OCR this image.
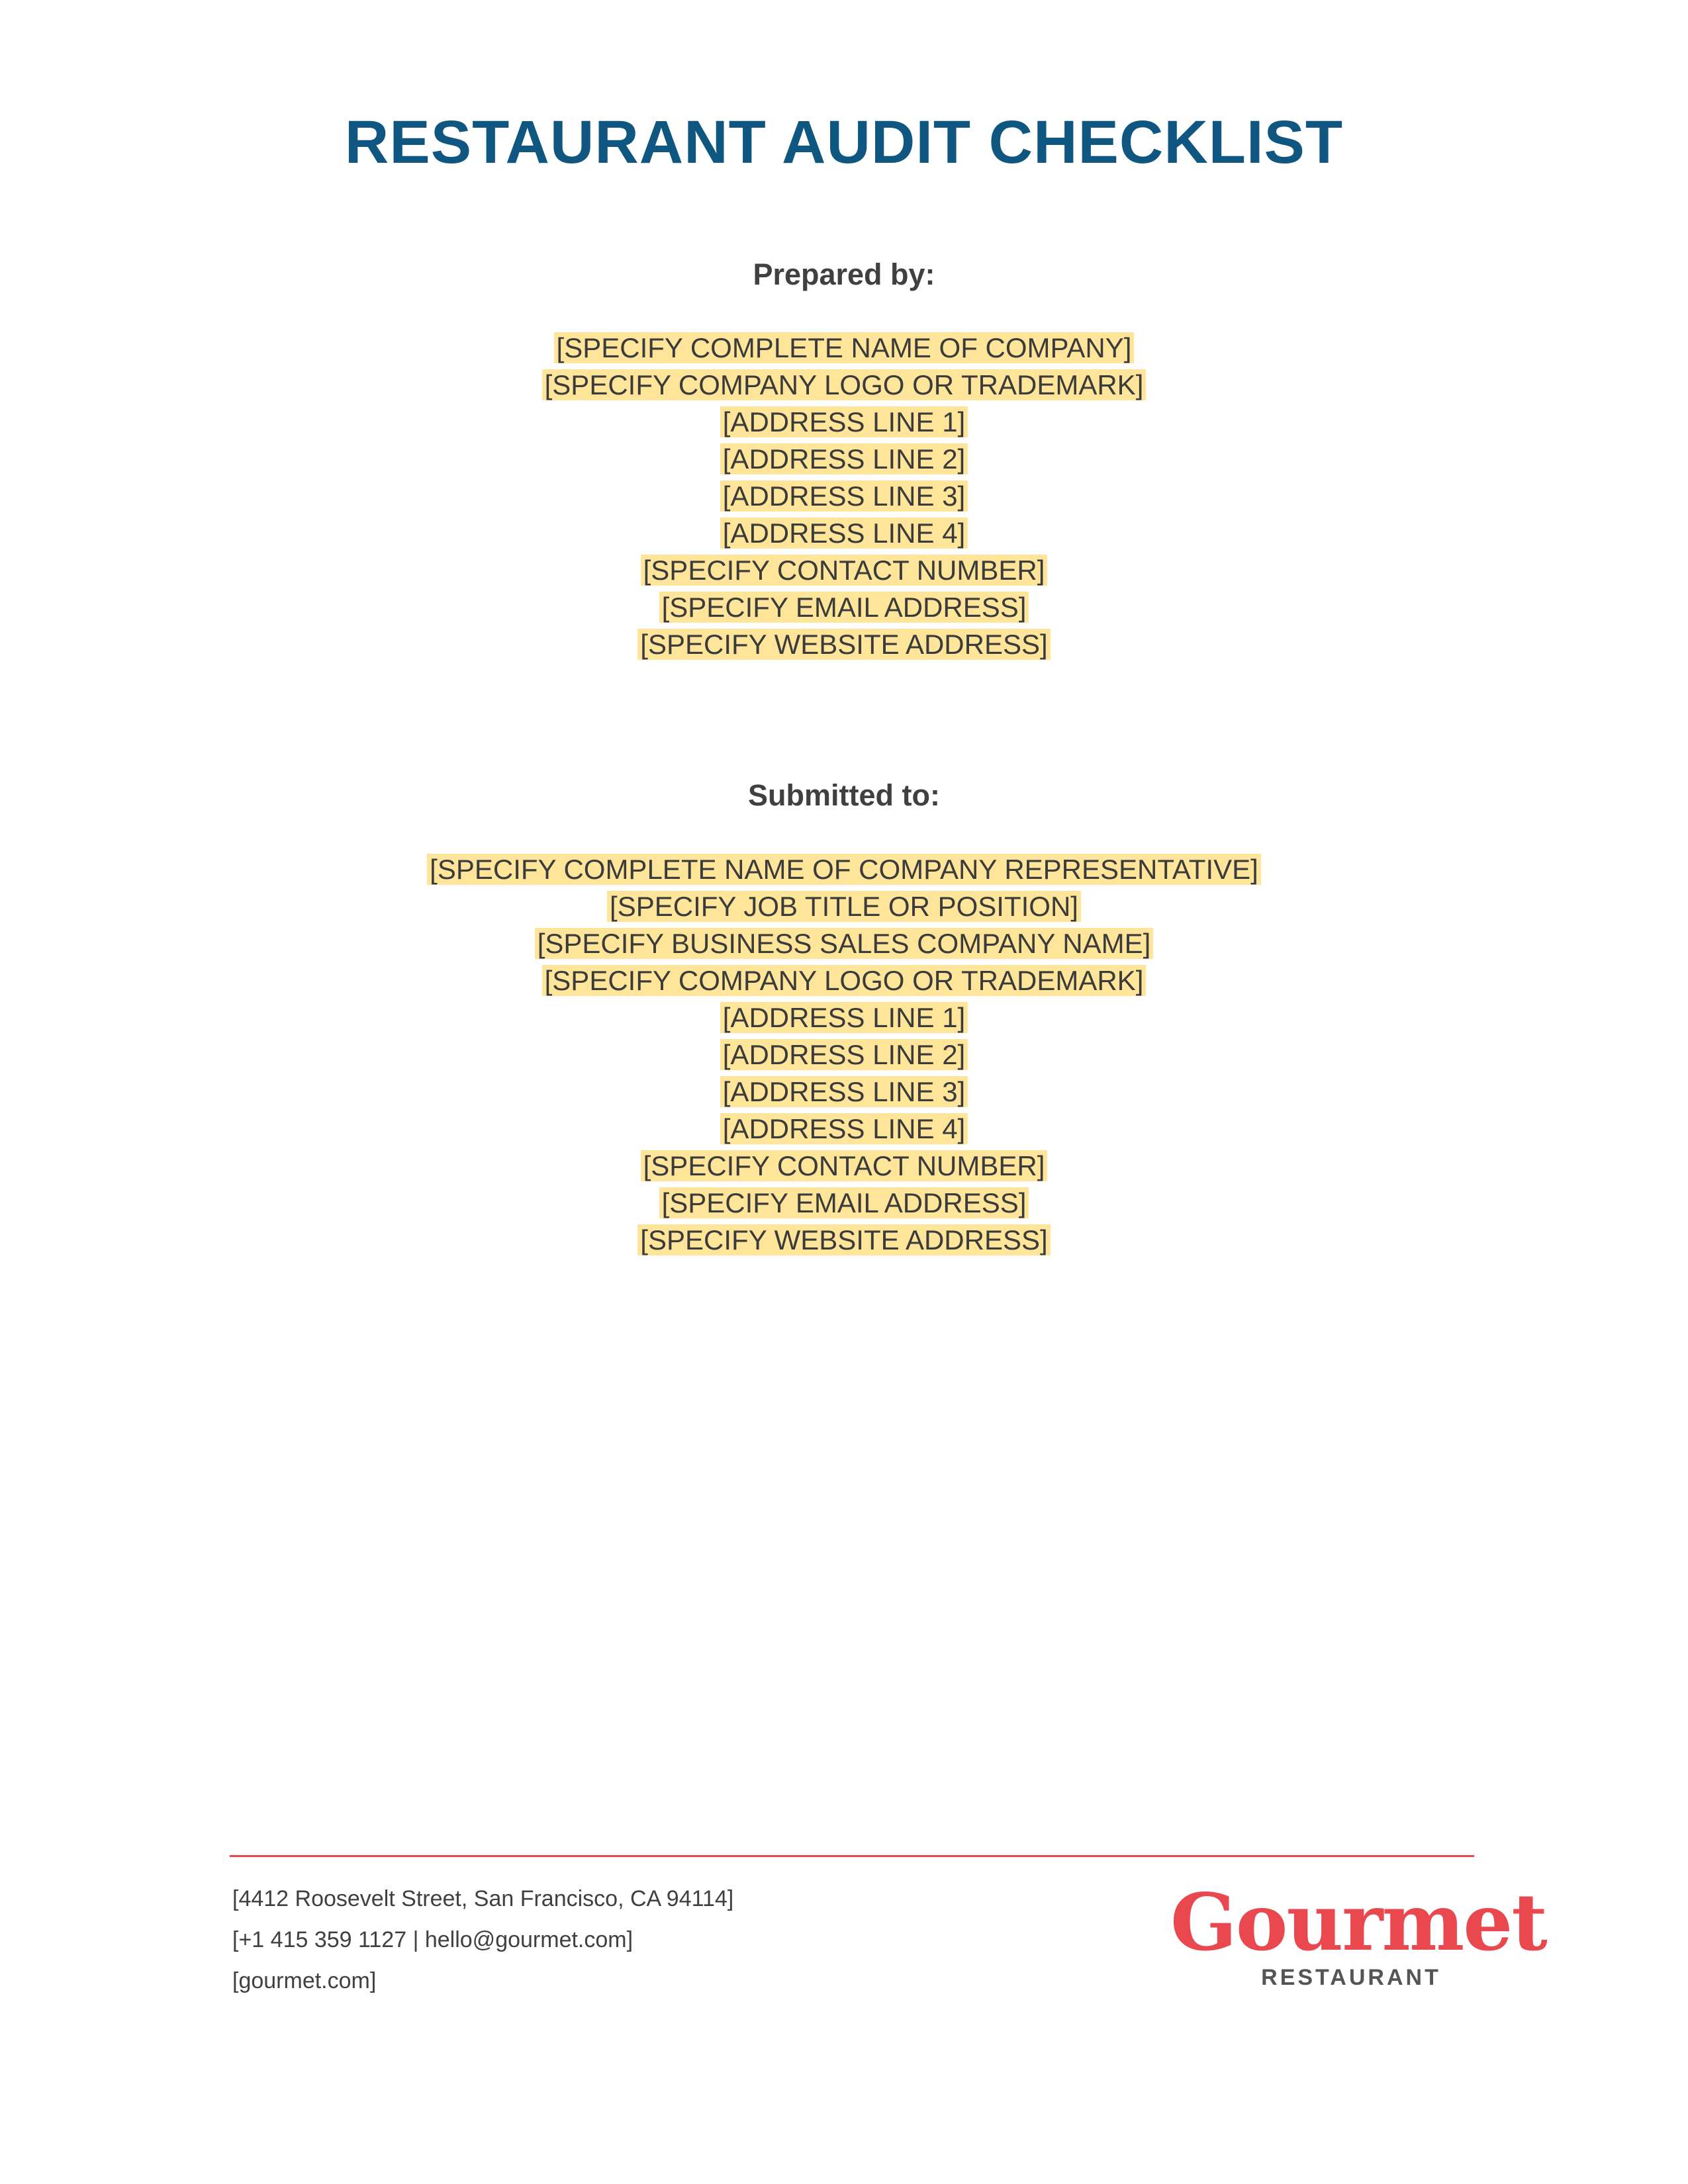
RESTAURANT AUDIT CHECKLIST
Prepared by:
[SPECIFY COMPLETE NAME OF COMPANY]
[SPECIFY COMPANY LOGO OR TRADEMARK]
[ADDRESS LINE 1]
[ADDRESS LINE 2]
[ADDRESS LINE 3]
[ADDRESS LINE 4]
[SPECIFY CONTACT NUMBER]
[SPECIFY EMAIL ADDRESS]
[SPECIFY WEBSITE ADDRESS]
Submitted to:
[SPECIFY COMPLETE NAME OF COMPANY REPRESENTATIVE]
[SPECIFY JOB TITLE OR POSITION]
[SPECIFY BUSINESS SALES COMPANY NAME]
[SPECIFY COMPANY LOGO OR TRADEMARK]
[ADDRESS LINE 1]
[ADDRESS LINE 2]
[ADDRESS LINE 3]
[ADDRESS LINE 4]
[SPECIFY CONTACT NUMBER]
[SPECIFY EMAIL ADDRESS]
[SPECIFY WEBSITE ADDRESS]
[4412 Roosevelt Street, San Francisco, CA 94114]
[+1 415 359 1127 | hello@gourmet.com]
[gourmet.com]
Gourmet
RESTAURANT
